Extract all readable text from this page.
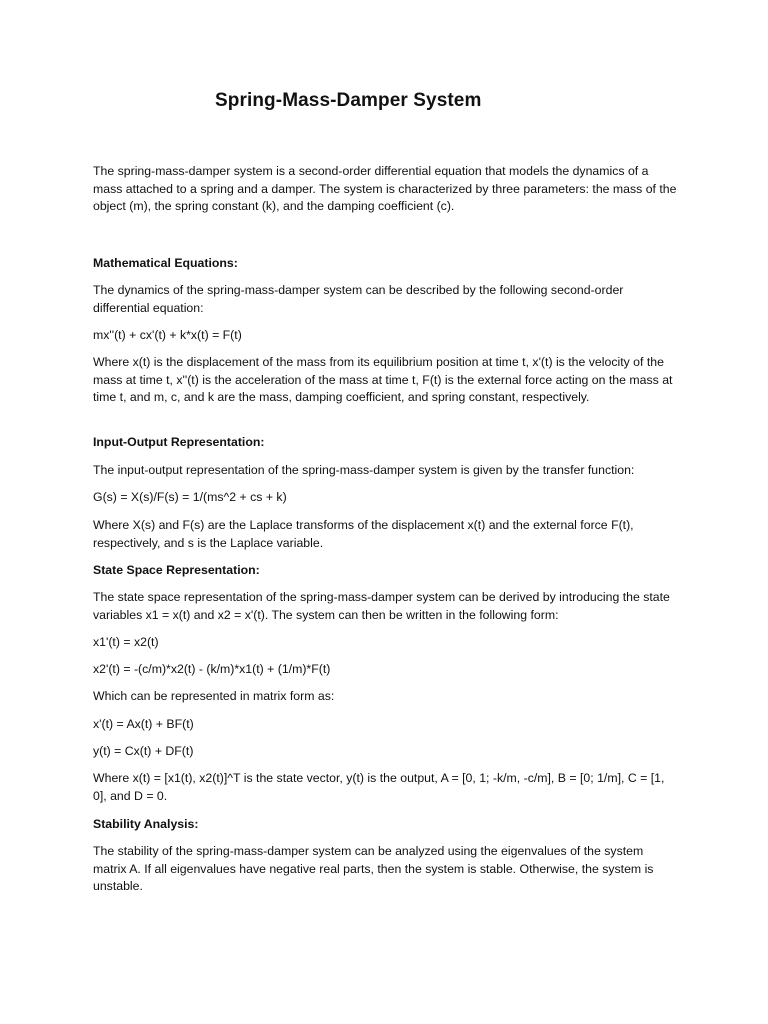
Spring-Mass-Damper System

The spring-mass-damper system is a second-order differential equation that models the dynamics of a mass attached to a spring and a damper. The system is characterized by three parameters: the mass of the object (m), the spring constant (k), and the damping coefficient (c).

Mathematical Equations:

The dynamics of the spring-mass-damper system can be described by the following second-order differential equation:

mx''(t) + cx'(t) + k*x(t) = F(t)

Where x(t) is the displacement of the mass from its equilibrium position at time t, x'(t) is the velocity of the mass at time t, x''(t) is the acceleration of the mass at time t, F(t) is the external force acting on the mass at time t, and m, c, and k are the mass, damping coefficient, and spring constant, respectively.

Input-Output Representation:

The input-output representation of the spring-mass-damper system is given by the transfer function:

G(s) = X(s)/F(s) = 1/(ms^2 + cs + k)

Where X(s) and F(s) are the Laplace transforms of the displacement x(t) and the external force F(t), respectively, and s is the Laplace variable.

State Space Representation:

The state space representation of the spring-mass-damper system can be derived by introducing the state variables x1 = x(t) and x2 = x'(t). The system can then be written in the following form:

x1'(t) = x2(t)

x2'(t) = -(c/m)*x2(t) - (k/m)*x1(t) + (1/m)*F(t)

Which can be represented in matrix form as:

x'(t) = Ax(t) + BF(t)

y(t) = Cx(t) + DF(t)

Where x(t) = [x1(t), x2(t)]^T is the state vector, y(t) is the output, A = [0, 1; -k/m, -c/m], B = [0; 1/m], C = [1, 0], and D = 0.

Stability Analysis:

The stability of the spring-mass-damper system can be analyzed using the eigenvalues of the system matrix A. If all eigenvalues have negative real parts, then the system is stable. Otherwise, the system is unstable.
